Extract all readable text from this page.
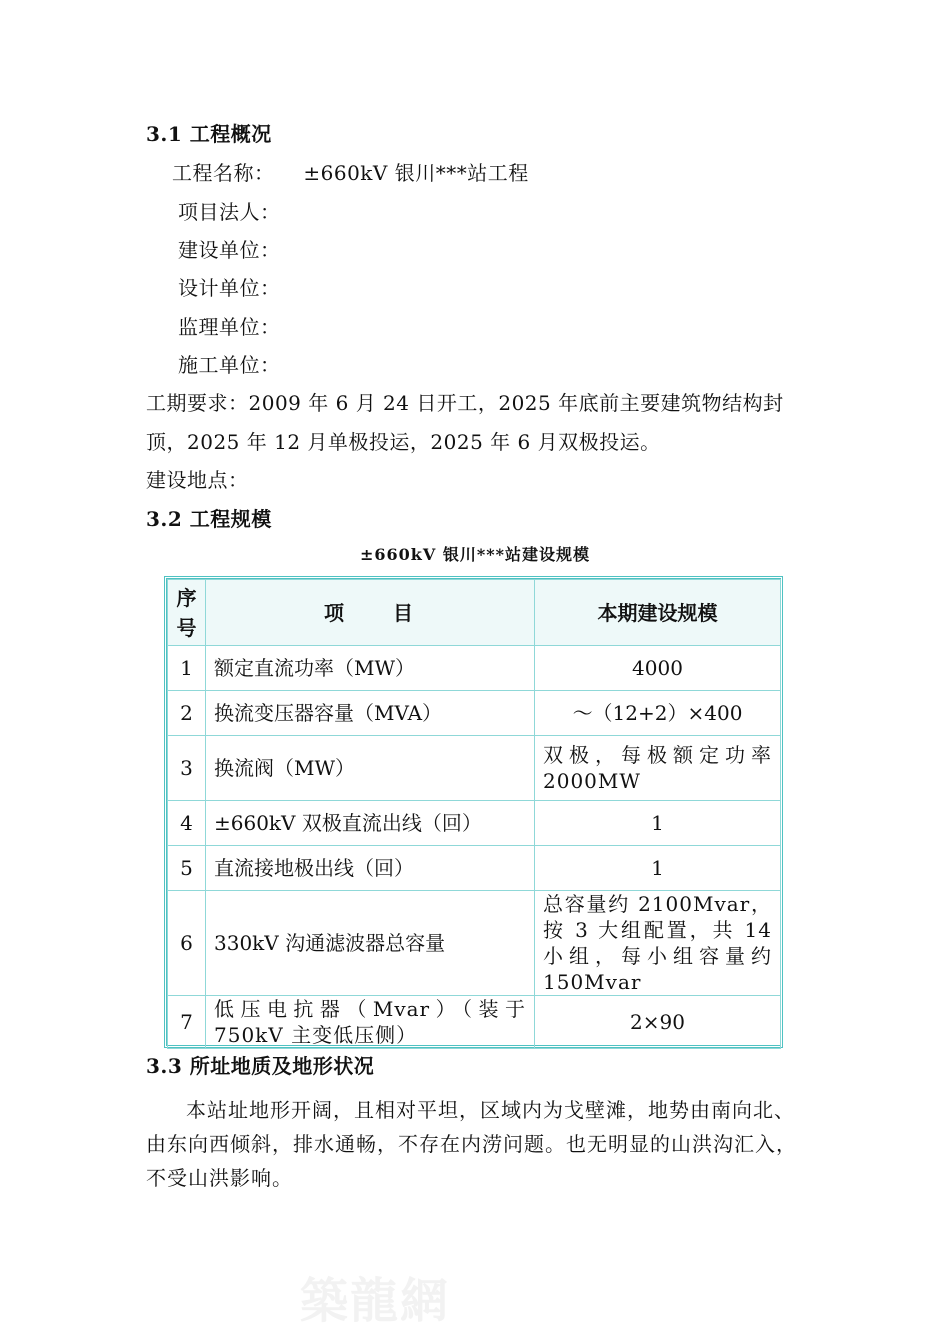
3.1 工程概况
工程名称： ±660kV 银川***站工程
项目法人：
建设单位：
设计单位：
监理单位：
施工单位：
工期要求：2009 年 6 月 24 日开工，2025 年底前主要建筑物结构封
顶，2025 年 12 月单极投运，2025 年 6 月双极投运。
建设地点：
3.2 工程规模
±660kV 银川***站建设规模
序号	项　　目	本期建设规模
1	额定直流功率（MW）	4000
2	换流变压器容量（MVA）	～（12+2）×400
3	换流阀（MW）	双极，每极额定功率 2000MW
4	±660kV 双极直流出线（回）	1
5	直流接地极出线（回）	1
6	330kV 沟通滤波器总容量	总容量约 2100Mvar，按 3 大组配置，共 14 小组，每小组容量约 150Mvar
7	低压电抗器（Mvar）（装于 750kV 主变低压侧）	2×90
3.3 所址地质及地形状况
本站址地形开阔，且相对平坦，区域内为戈壁滩，地势由南向北、由东向西倾斜，排水通畅，不存在内涝问题。也无明显的山洪沟汇入，不受山洪影响。
築龍網
